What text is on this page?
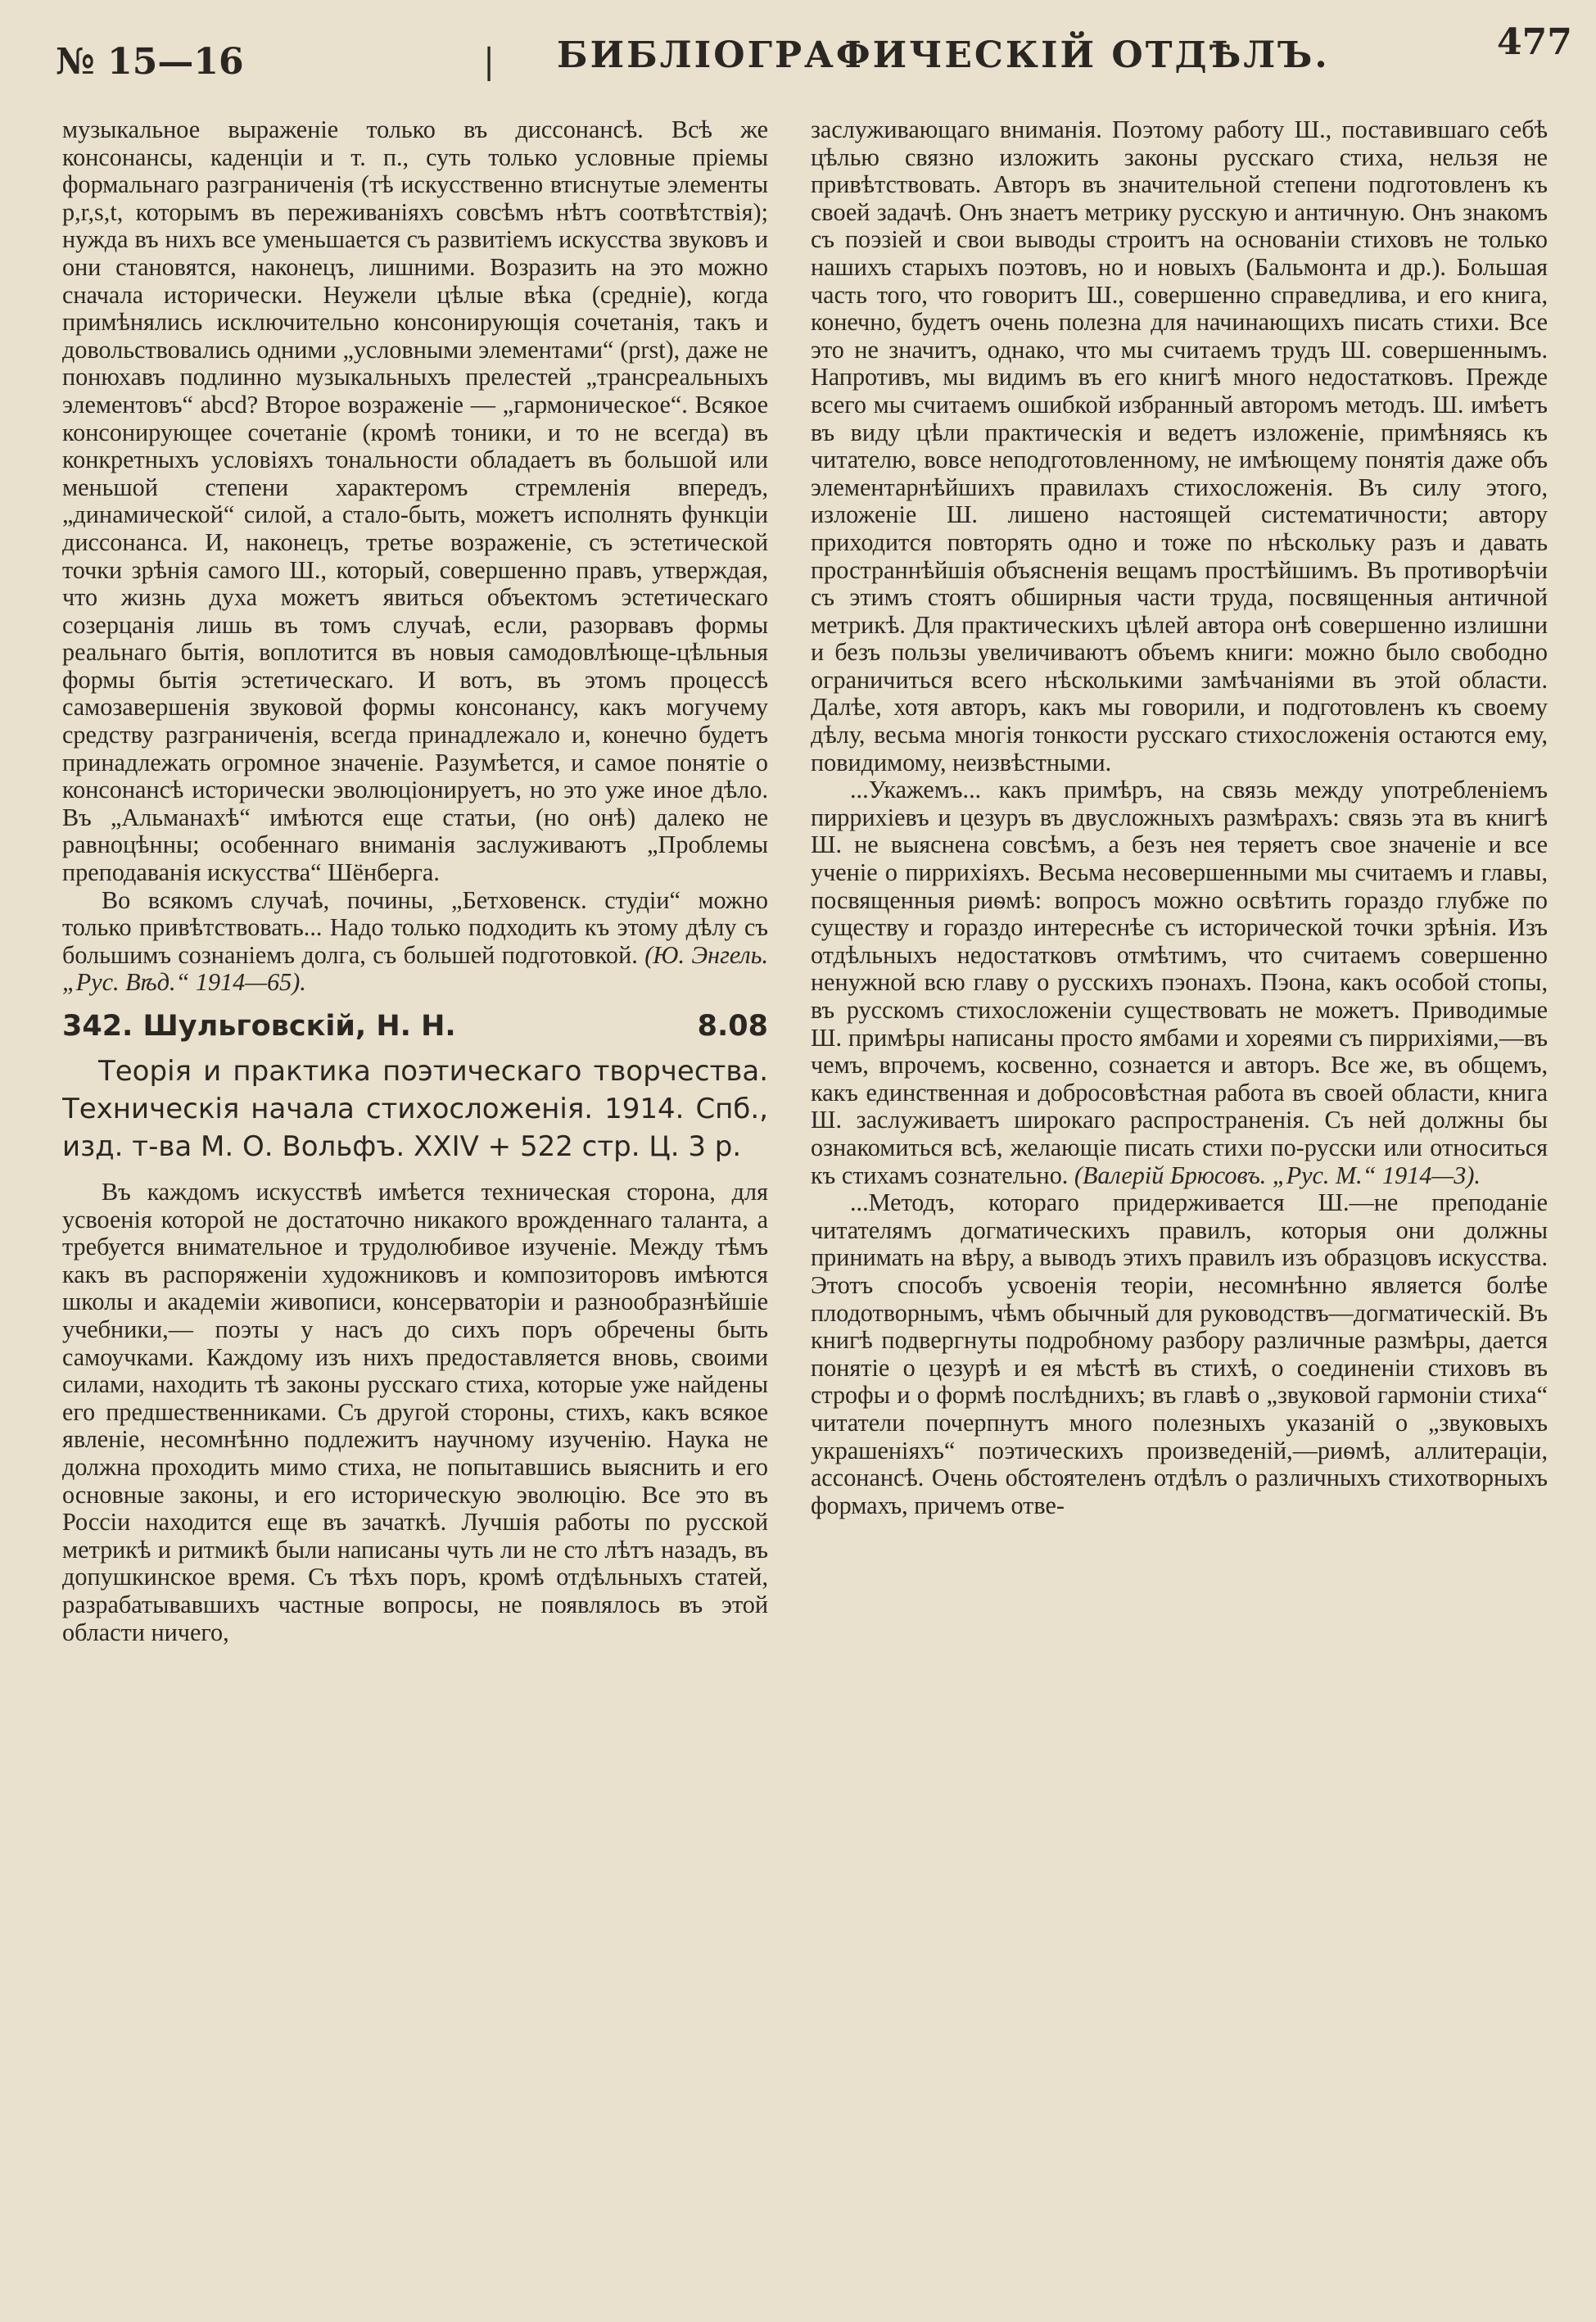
№ 15—16	| БИБЛІОГРАФИЧЕСКІЙ ОТДѢЛЪ.	477

музыкальное выраженіе только въ диссонансѣ. Всѣ же консонансы, каденціи и т. п., суть только условные пріемы формальнаго разграниченія (тѣ искусственно втиснутые элементы p,r,s,t, которымъ въ переживаніяхъ совсѣмъ нѣтъ соотвѣтствія); нужда въ нихъ все уменьшается съ развитіемъ искусства звуковъ и они становятся, наконецъ, лишними. Возразить на это можно сначала исторически. Неужели цѣлые вѣка (средніе), когда примѣнялись исключительно консонирующія сочетанія, такъ и довольствовались одними „условными элементами“ (prst), даже не понюхавъ подлинно музыкальныхъ прелестей „трансреальныхъ элементовъ“ abcd? Второе возраженіе — „гармоническое“. Всякое консонирующее сочетаніе (кромѣ тоники, и то не всегда) въ конкретныхъ условіяхъ тональности обладаетъ въ большой или меньшой степени характеромъ стремленія впередъ, „динамической“ силой, а стало-быть, можетъ исполнять функціи диссонанса. И, наконецъ, третье возраженіе, съ эстетической точки зрѣнія самого Ш., который, совершенно правъ, утверждая, что жизнь духа можетъ явиться объектомъ эстетическаго созерцанія лишь въ томъ случаѣ, если, разорвавъ формы реальнаго бытія, воплотится въ новыя самодовлѣюще-цѣльныя формы бытія эстетическаго. И вотъ, въ этомъ процессѣ самозавершенія звуковой формы консонансу, какъ могучему средству разграниченія, всегда принадлежало и, конечно будетъ принадлежать огромное значеніе. Разумѣется, и самое понятіе о консонансѣ исторически эволюціонируетъ, но это уже иное дѣло. Въ „Альманахѣ“ имѣются еще статьи, (но онѣ) далеко не равноцѣнны; особеннаго вниманія заслуживаютъ „Проблемы преподаванія искусства“ Шёнберга.

Во всякомъ случаѣ, почины, „Бетховенск. студіи“ можно только привѣтствовать... Надо только подходить къ этому дѣлу съ большимъ сознаніемъ долга, съ большей подготовкой. (Ю. Энгель. „Рус. Вѣд.“ 1914—65).

342. Шульговскій, Н. Н.	8.08
Теорія и практика поэтическаго творчества. Техническія начала стихосложенія. 1914. Спб., изд. т-ва М. О. Вольфъ. XXIV + 522 стр. Ц. 3 р.

Въ каждомъ искусствѣ имѣется техническая сторона, для усвоенія которой не достаточно никакого врожденнаго таланта, а требуется внимательное и трудолюбивое изученіе. Между тѣмъ какъ въ распоряженіи художниковъ и композиторовъ имѣются школы и академіи живописи, консерваторіи и разнообразнѣйшіе учебники,— поэты у насъ до сихъ поръ обречены быть самоучками. Каждому изъ нихъ предоставляется вновь, своими силами, находить тѣ законы русскаго стиха, которые уже найдены его предшественниками. Съ другой стороны, стихъ, какъ всякое явленіе, несомнѣнно подлежитъ научному изученію. Наука не должна проходить мимо стиха, не попытавшись выяснить и его основные законы, и его историческую эволюцію. Все это въ Россіи находится еще въ зачаткѣ. Лучшія работы по русской метрикѣ и ритмикѣ были написаны чуть ли не сто лѣтъ назадъ, въ допушкинское время. Съ тѣхъ поръ, кромѣ отдѣльныхъ статей, разрабатывавшихъ частные вопросы, не появлялось въ этой области ничего,

заслуживающаго вниманія. Поэтому работу Ш., поставившаго себѣ цѣлью связно изложить законы русскаго стиха, нельзя не привѣтствовать. Авторъ въ значительной степени подготовленъ къ своей задачѣ. Онъ знаетъ метрику русскую и античную. Онъ знакомъ съ поэзіей и свои выводы строитъ на основаніи стиховъ не только нашихъ старыхъ поэтовъ, но и новыхъ (Бальмонта и др.). Большая часть того, что говоритъ Ш., совершенно справедлива, и его книга, конечно, будетъ очень полезна для начинающихъ писать стихи. Все это не значитъ, однако, что мы считаемъ трудъ Ш. совершеннымъ. Напротивъ, мы видимъ въ его книгѣ много недостатковъ. Прежде всего мы считаемъ ошибкой избранный авторомъ методъ. Ш. имѣетъ въ виду цѣли практическія и ведетъ изложеніе, примѣняясь къ читателю, вовсе неподготовленному, не имѣющему понятія даже объ элементарнѣйшихъ правилахъ стихосложенія. Въ силу этого, изложеніе Ш. лишено настоящей систематичности; автору приходится повторять одно и тоже по нѣскольку разъ и давать пространнѣйшія объясненія вещамъ простѣйшимъ. Въ противорѣчіи съ этимъ стоятъ обширныя части труда, посвященныя античной метрикѣ. Для практическихъ цѣлей автора онѣ совершенно излишни и безъ пользы увеличиваютъ объемъ книги: можно было свободно ограничиться всего нѣсколькими замѣчаніями въ этой области. Далѣе, хотя авторъ, какъ мы говорили, и подготовленъ къ своему дѣлу, весьма многія тонкости русскаго стихосложенія остаются ему, повидимому, неизвѣстными.

...Укажемъ... какъ примѣръ, на связь между употребленіемъ пиррихіевъ и цезуръ въ двусложныхъ размѣрахъ: связь эта въ книгѣ Ш. не выяснена совсѣмъ, а безъ нея теряетъ свое значеніе и все ученіе о пиррихіяхъ. Весьма несовершенными мы считаемъ и главы, посвященныя риѳмѣ: вопросъ можно освѣтить гораздо глубже по существу и гораздо интереснѣе съ исторической точки зрѣнія. Изъ отдѣльныхъ недостатковъ отмѣтимъ, что считаемъ совершенно ненужной всю главу о русскихъ пэонахъ. Пэона, какъ особой стопы, въ русскомъ стихосложеніи существовать не можетъ. Приводимые Ш. примѣры написаны просто ямбами и хореями съ пиррихіями,—въ чемъ, впрочемъ, косвенно, сознается и авторъ. Все же, въ общемъ, какъ единственная и добросовѣстная работа въ своей области, книга Ш. заслуживаетъ широкаго распространенія. Съ ней должны бы ознакомиться всѣ, желающіе писать стихи по-русски или относиться къ стихамъ сознательно. (Валерій Брюсовъ. „Рус. М.“ 1914—3).

...Методъ, котораго придерживается Ш.—не преподаніе читателямъ догматическихъ правилъ, которыя они должны принимать на вѣру, а выводъ этихъ правилъ изъ образцовъ искусства. Этотъ способъ усвоенія теоріи, несомнѣнно является болѣе плодотворнымъ, чѣмъ обычный для руководствъ—догматическій. Въ книгѣ подвергнуты подробному разбору различные размѣры, дается понятіе о цезурѣ и ея мѣстѣ въ стихѣ, о соединеніи стиховъ въ строфы и о формѣ послѣднихъ; въ главѣ о „звуковой гармоніи стиха“ читатели почерпнутъ много полезныхъ указаній о „звуковыхъ украшеніяхъ“ поэтическихъ произведеній,—риѳмѣ, аллитераціи, ассонансѣ. Очень обстоятеленъ отдѣлъ о различныхъ стихотворныхъ формахъ, причемъ отве-
